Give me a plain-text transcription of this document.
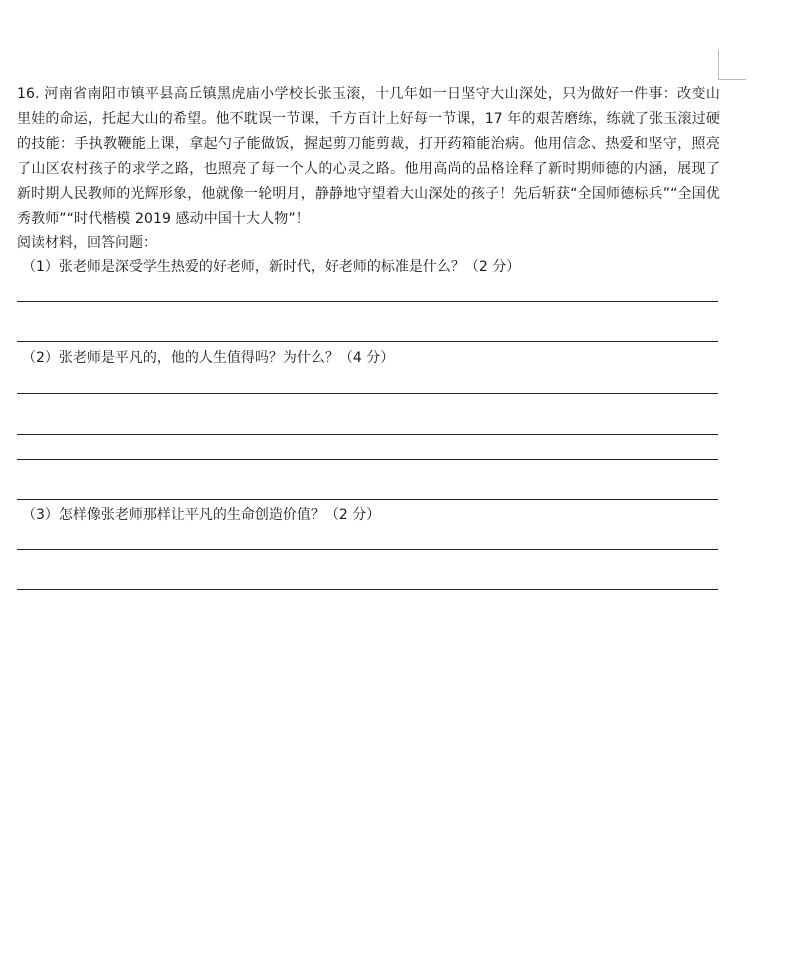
16. 河南省南阳市镇平县高丘镇黑虎庙小学校长张玉滚，十几年如一日坚守大山深处，只为做好一件事：改变山里娃的命运，托起大山的希望。他不耽误一节课，千方百计上好每一节课，17 年的艰苦磨练，练就了张玉滚过硬的技能：手执教鞭能上课，拿起勺子能做饭，握起剪刀能剪裁，打开药箱能治病。他用信念、热爱和坚守，照亮了山区农村孩子的求学之路，也照亮了每一个人的心灵之路。他用高尚的品格诠释了新时期师德的内涵，展现了新时期人民教师的光辉形象，他就像一轮明月，静静地守望着大山深处的孩子！先后斩获“全国师德标兵”“全国优秀教师”“时代楷模 2019 感动中国十大人物”！

阅读材料，回答问题：

（1）张老师是深受学生热爱的好老师，新时代，好老师的标准是什么？（2 分）

（2）张老师是平凡的，他的人生值得吗？为什么？（4 分）

（3）怎样像张老师那样让平凡的生命创造价值？（2 分）
